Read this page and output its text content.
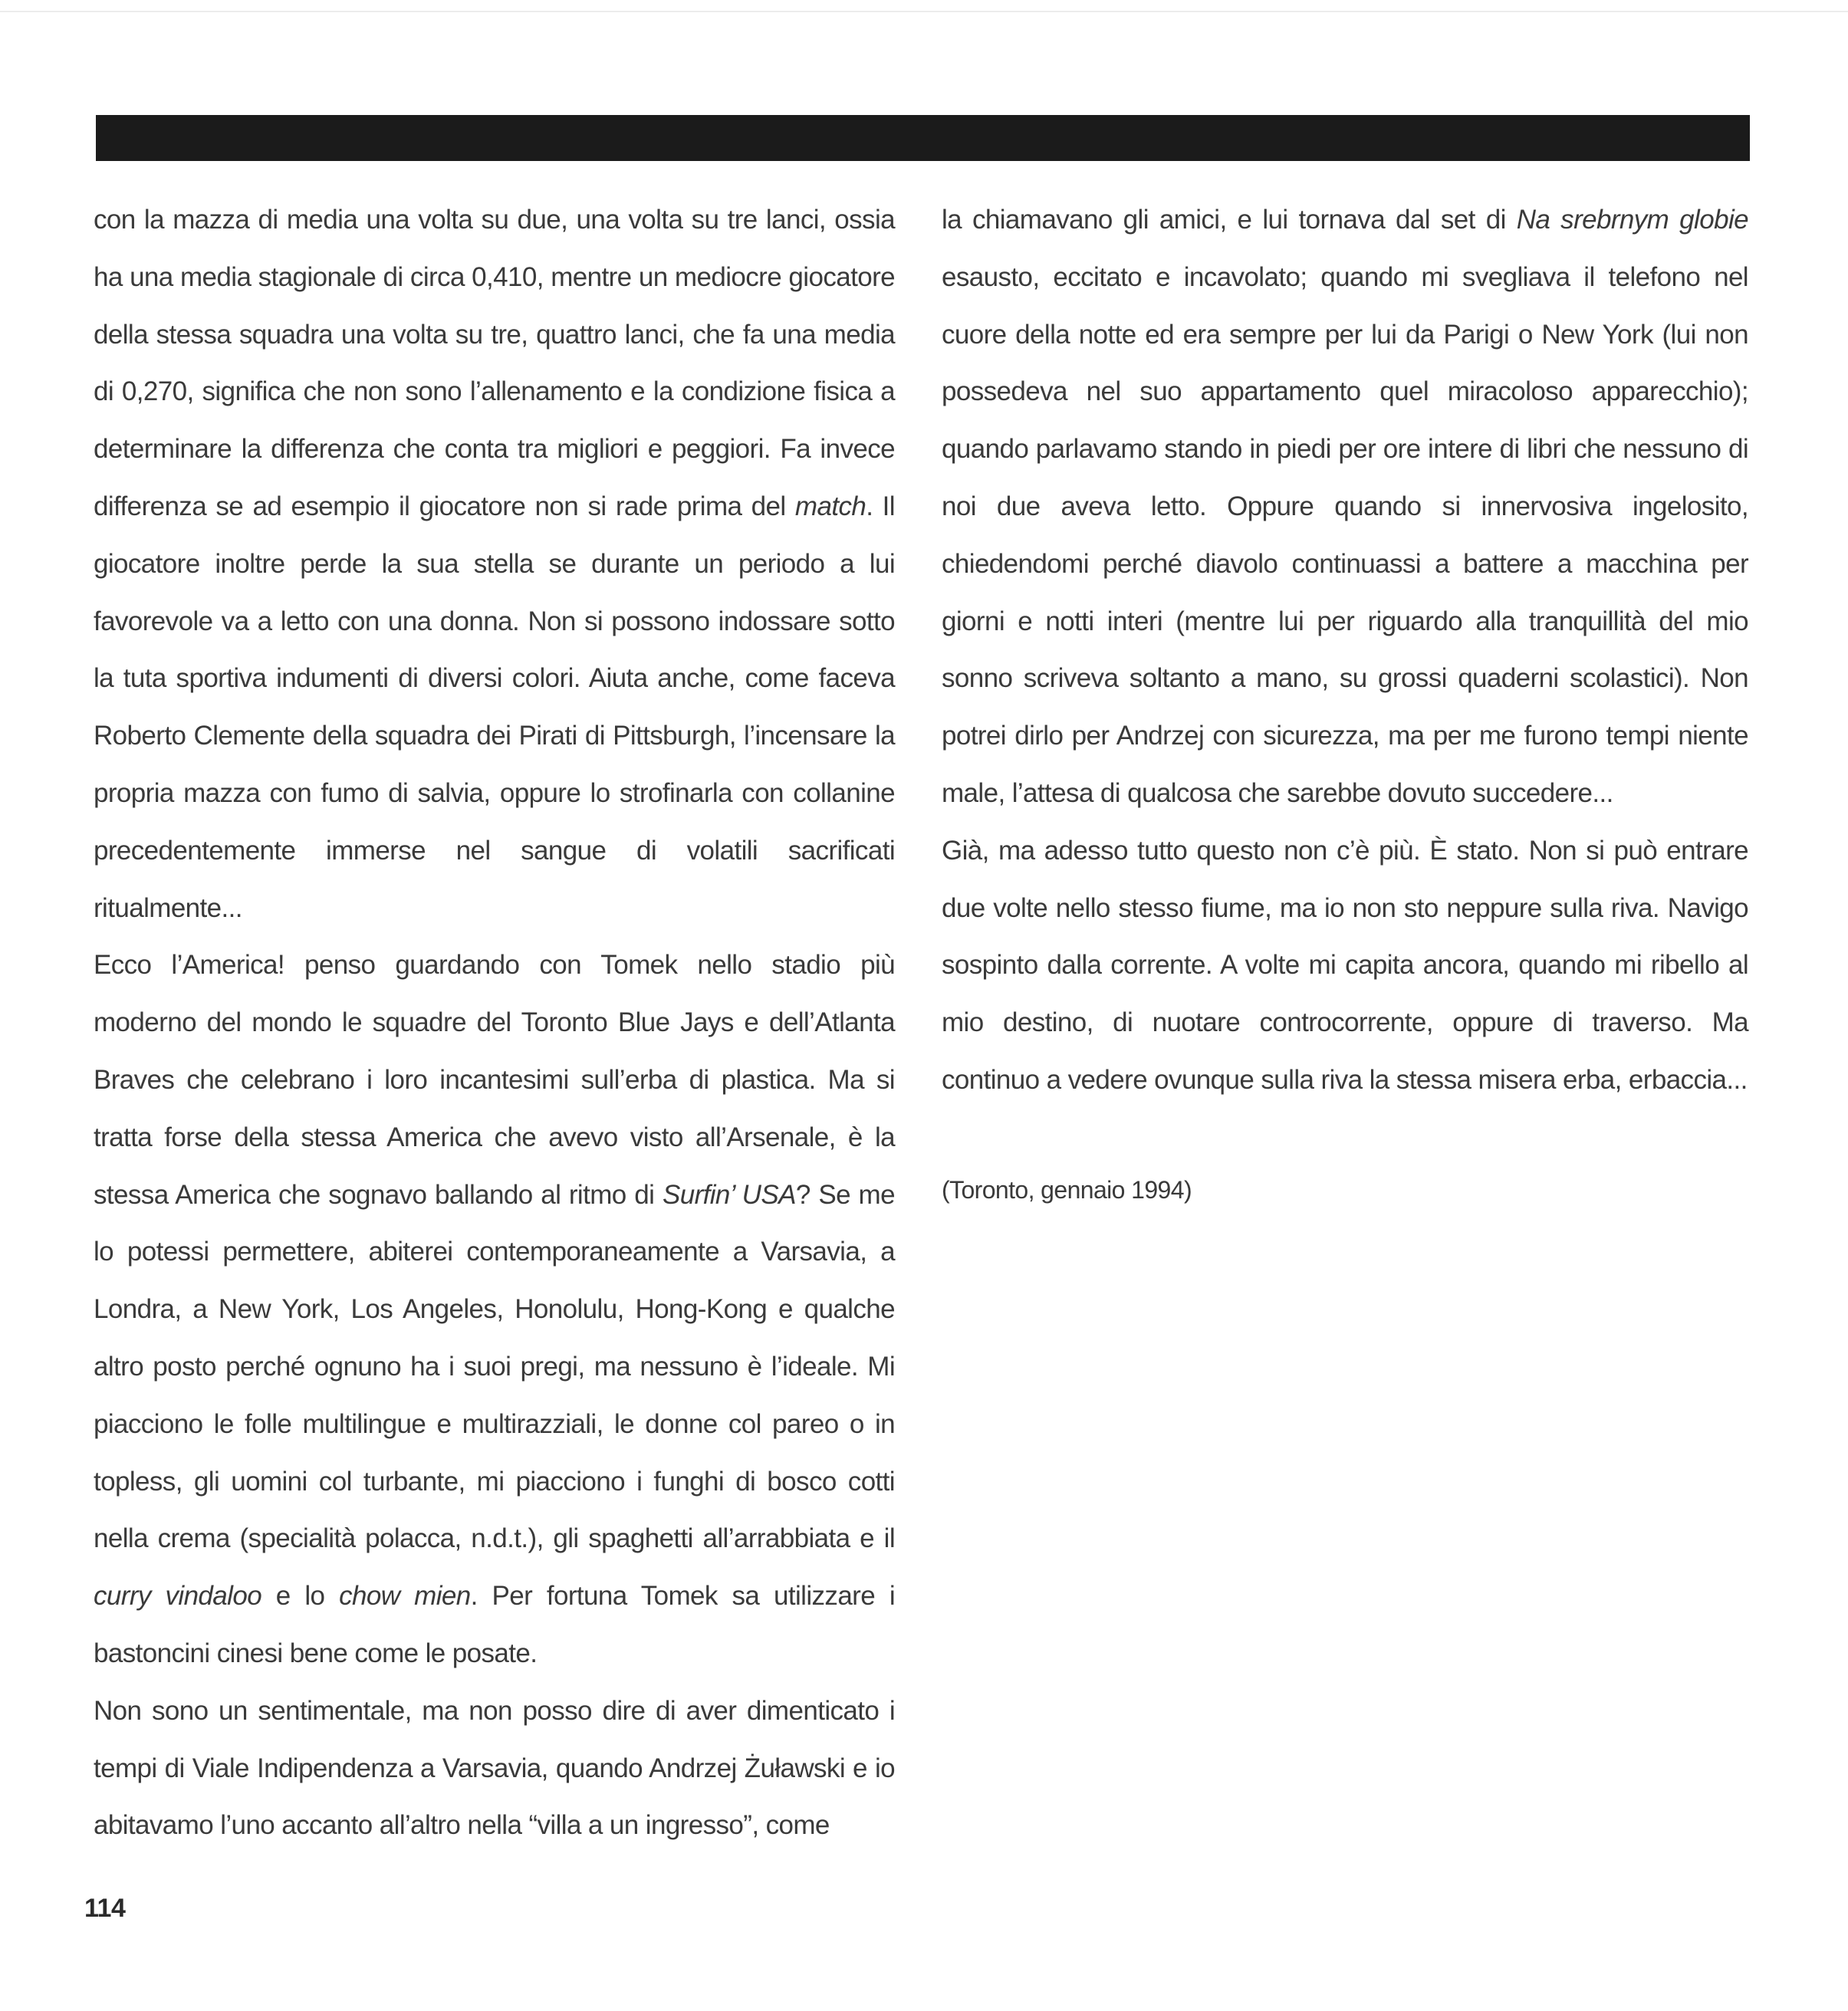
con la mazza di media una volta su due, una volta su tre lanci, ossia ha una media stagionale di circa 0,410, mentre un mediocre giocatore della stessa squadra una volta su tre, quattro lanci, che fa una media di 0,270, significa che non sono l’allenamento e la condizione fisica a determinare la differenza che conta tra migliori e peggiori. Fa invece differenza se ad esempio il giocatore non si rade prima del match. Il giocatore inoltre perde la sua stella se durante un periodo a lui favorevole va a letto con una donna. Non si possono indossare sotto la tuta sportiva indumenti di diversi colori. Aiuta anche, come faceva Roberto Clemente della squadra dei Pirati di Pittsburgh, l’incensare la propria mazza con fumo di salvia, oppure lo strofinarla con collanine precedentemente immerse nel sangue di volatili sacrificati ritualmente...

Ecco l’America! penso guardando con Tomek nello stadio più moderno del mondo le squadre del Toronto Blue Jays e dell’Atlanta Braves che celebrano i loro incantesimi sull’erba di plastica. Ma si tratta forse della stessa America che avevo visto all’Arsenale, è la stessa America che sognavo ballando al ritmo di Surfin’ USA? Se me lo potessi permettere, abiterei contemporaneamente a Varsavia, a Londra, a New York, Los Angeles, Honolulu, Hong-Kong e qualche altro posto perché ognuno ha i suoi pregi, ma nessuno è l’ideale. Mi piacciono le folle multilingue e multirazziali, le donne col pareo o in topless, gli uomini col turbante, mi piacciono i funghi di bosco cotti nella crema (specialità polacca, n.d.t.), gli spaghetti all’arrabbiata e il curry vindaloo e lo chow mien. Per fortuna Tomek sa utilizzare i bastoncini cinesi bene come le posate.

Non sono un sentimentale, ma non posso dire di aver dimenticato i tempi di Viale Indipendenza a Varsavia, quando Andrzej Żuławski e io abitavamo l’uno accanto all’altro nella “villa a un ingresso”, come

la chiamavano gli amici, e lui tornava dal set di Na srebrnym globie esausto, eccitato e incavolato; quando mi svegliava il telefono nel cuore della notte ed era sempre per lui da Parigi o New York (lui non possedeva nel suo appartamento quel miracoloso apparecchio); quando parlavamo stando in piedi per ore intere di libri che nessuno di noi due aveva letto. Oppure quando si innervosiva ingelosito, chiedendomi perché diavolo continuassi a battere a macchina per giorni e notti interi (mentre lui per riguardo alla tranquillità del mio sonno scriveva soltanto a mano, su grossi quaderni scolastici). Non potrei dirlo per Andrzej con sicurezza, ma per me furono tempi niente male, l’attesa di qualcosa che sarebbe dovuto succedere...

Già, ma adesso tutto questo non c’è più. È stato. Non si può entrare due volte nello stesso fiume, ma io non sto neppure sulla riva. Navigo sospinto dalla corrente. A volte mi capita ancora, quando mi ribello al mio destino, di nuotare controcorrente, oppure di traverso. Ma continuo a vedere ovunque sulla riva la stessa misera erba, erbaccia...

(Toronto, gennaio 1994)

114
